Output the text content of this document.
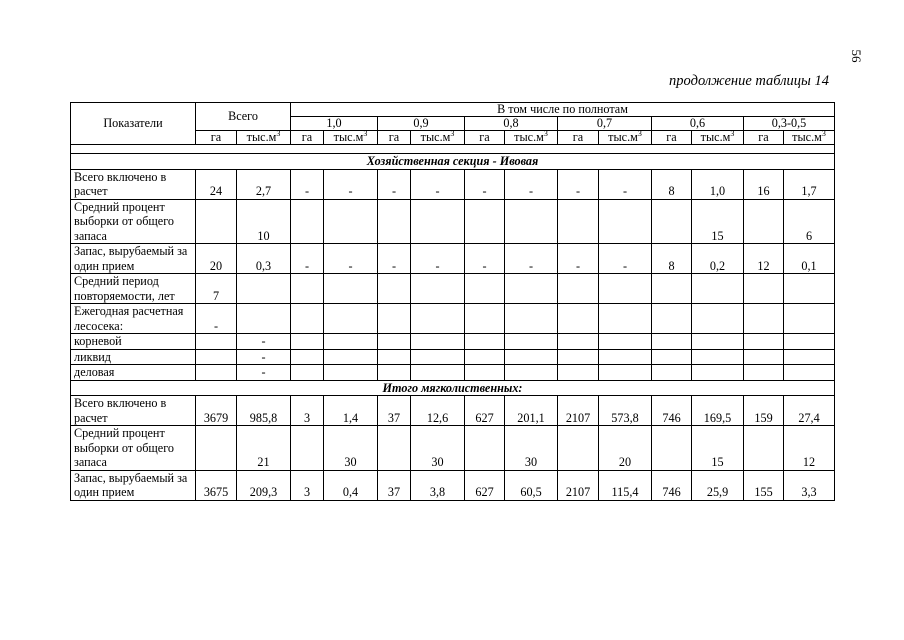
56
продолжение таблицы 14
Показатели	Всего		В том числе по полнотам											
			1,0		0,9		0,8		0,7		0,6		0,3-0,5	
	га	$тыс.м^3$	га	$тыс.м^3$	га	$тыс.м^3$	га	$тыс.м^3$	га	$тыс.м^3$	га	$тыс.м^3$	га	$тыс.м^3$

Хозяйственная секция - Ивовая														
Всего включено в расчет	24	2,7	-	-	-	-	-	-	-	-	8	1,0	16	1,7
Средний процент выборки от общего запаса		10										15		6
Запас, вырубаемый за один прием	20	0,3	-	-	-	-	-	-	-	-	8	0,2	12	0,1
Средний период повторяемости, лет	7													
Ежегодная расчетная лесосека:	-													
корневой		-												
ликвид		-												
деловая		-												
Итого мягколиственных:														
Всего включено в расчет	3679	985,8	3	1,4	37	12,6	627	201,1	2107	573,8	746	169,5	159	27,4
Средний процент выборки от общего запаса		21		30		30		30		20		15		12
Запас, вырубаемый за один прием	3675	209,3	3	0,4	37	3,8	627	60,5	2107	115,4	746	25,9	155	3,3
